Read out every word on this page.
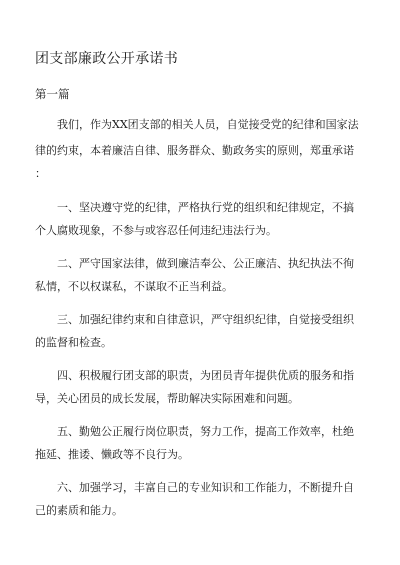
团支部廉政公开承诺书
第一篇
我们，作为XX团支部的相关人员，自觉接受党的纪律和国家法
律的约束，本着廉洁自律、服务群众、勤政务实的原则，郑重承诺
：
一、坚决遵守党的纪律，严格执行党的组织和纪律规定，不搞
个人腐败现象，不参与或容忍任何违纪违法行为。
二、严守国家法律，做到廉洁奉公、公正廉洁、执纪执法不徇
私情，不以权谋私，不谋取不正当利益。
三、加强纪律约束和自律意识，严守组织纪律，自觉接受组织
的监督和检查。
四、积极履行团支部的职责，为团员青年提供优质的服务和指
导，关心团员的成长发展，帮助解决实际困难和问题。
五、勤勉公正履行岗位职责，努力工作，提高工作效率，杜绝
拖延、推诿、懒政等不良行为。
六、加强学习，丰富自己的专业知识和工作能力，不断提升自
己的素质和能力。
